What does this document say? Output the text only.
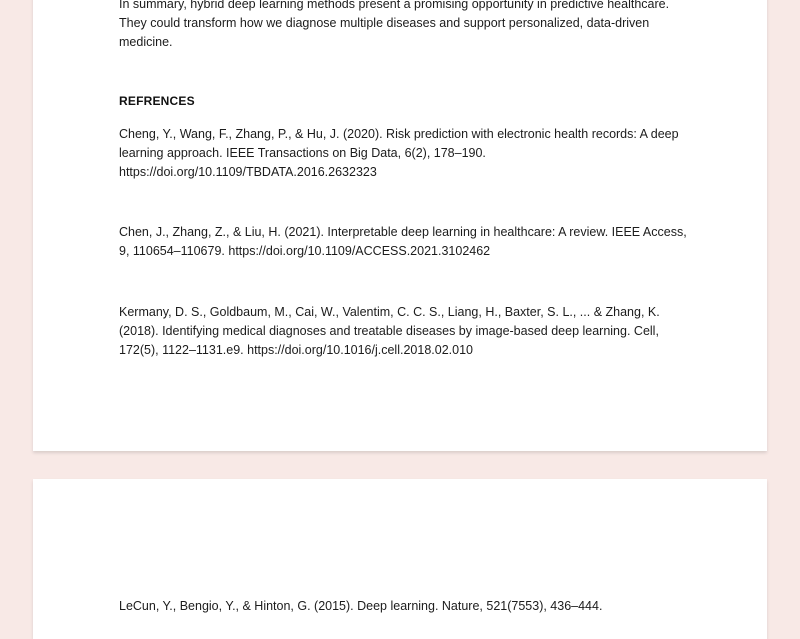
In summary, hybrid deep learning methods present a promising opportunity in predictive healthcare. They could transform how we diagnose multiple diseases and support personalized, data-driven medicine.

REFRENCES

Cheng, Y., Wang, F., Zhang, P., & Hu, J. (2020). Risk prediction with electronic health records: A deep learning approach. IEEE Transactions on Big Data, 6(2), 178–190. https://doi.org/10.1109/TBDATA.2016.2632323

Chen, J., Zhang, Z., & Liu, H. (2021). Interpretable deep learning in healthcare: A review. IEEE Access, 9, 110654–110679. https://doi.org/10.1109/ACCESS.2021.3102462

Kermany, D. S., Goldbaum, M., Cai, W., Valentim, C. C. S., Liang, H., Baxter, S. L., ... & Zhang, K. (2018). Identifying medical diagnoses and treatable diseases by image-based deep learning. Cell, 172(5), 1122–1131.e9. https://doi.org/10.1016/j.cell.2018.02.010

LeCun, Y., Bengio, Y., & Hinton, G. (2015). Deep learning. Nature, 521(7553), 436–444.
